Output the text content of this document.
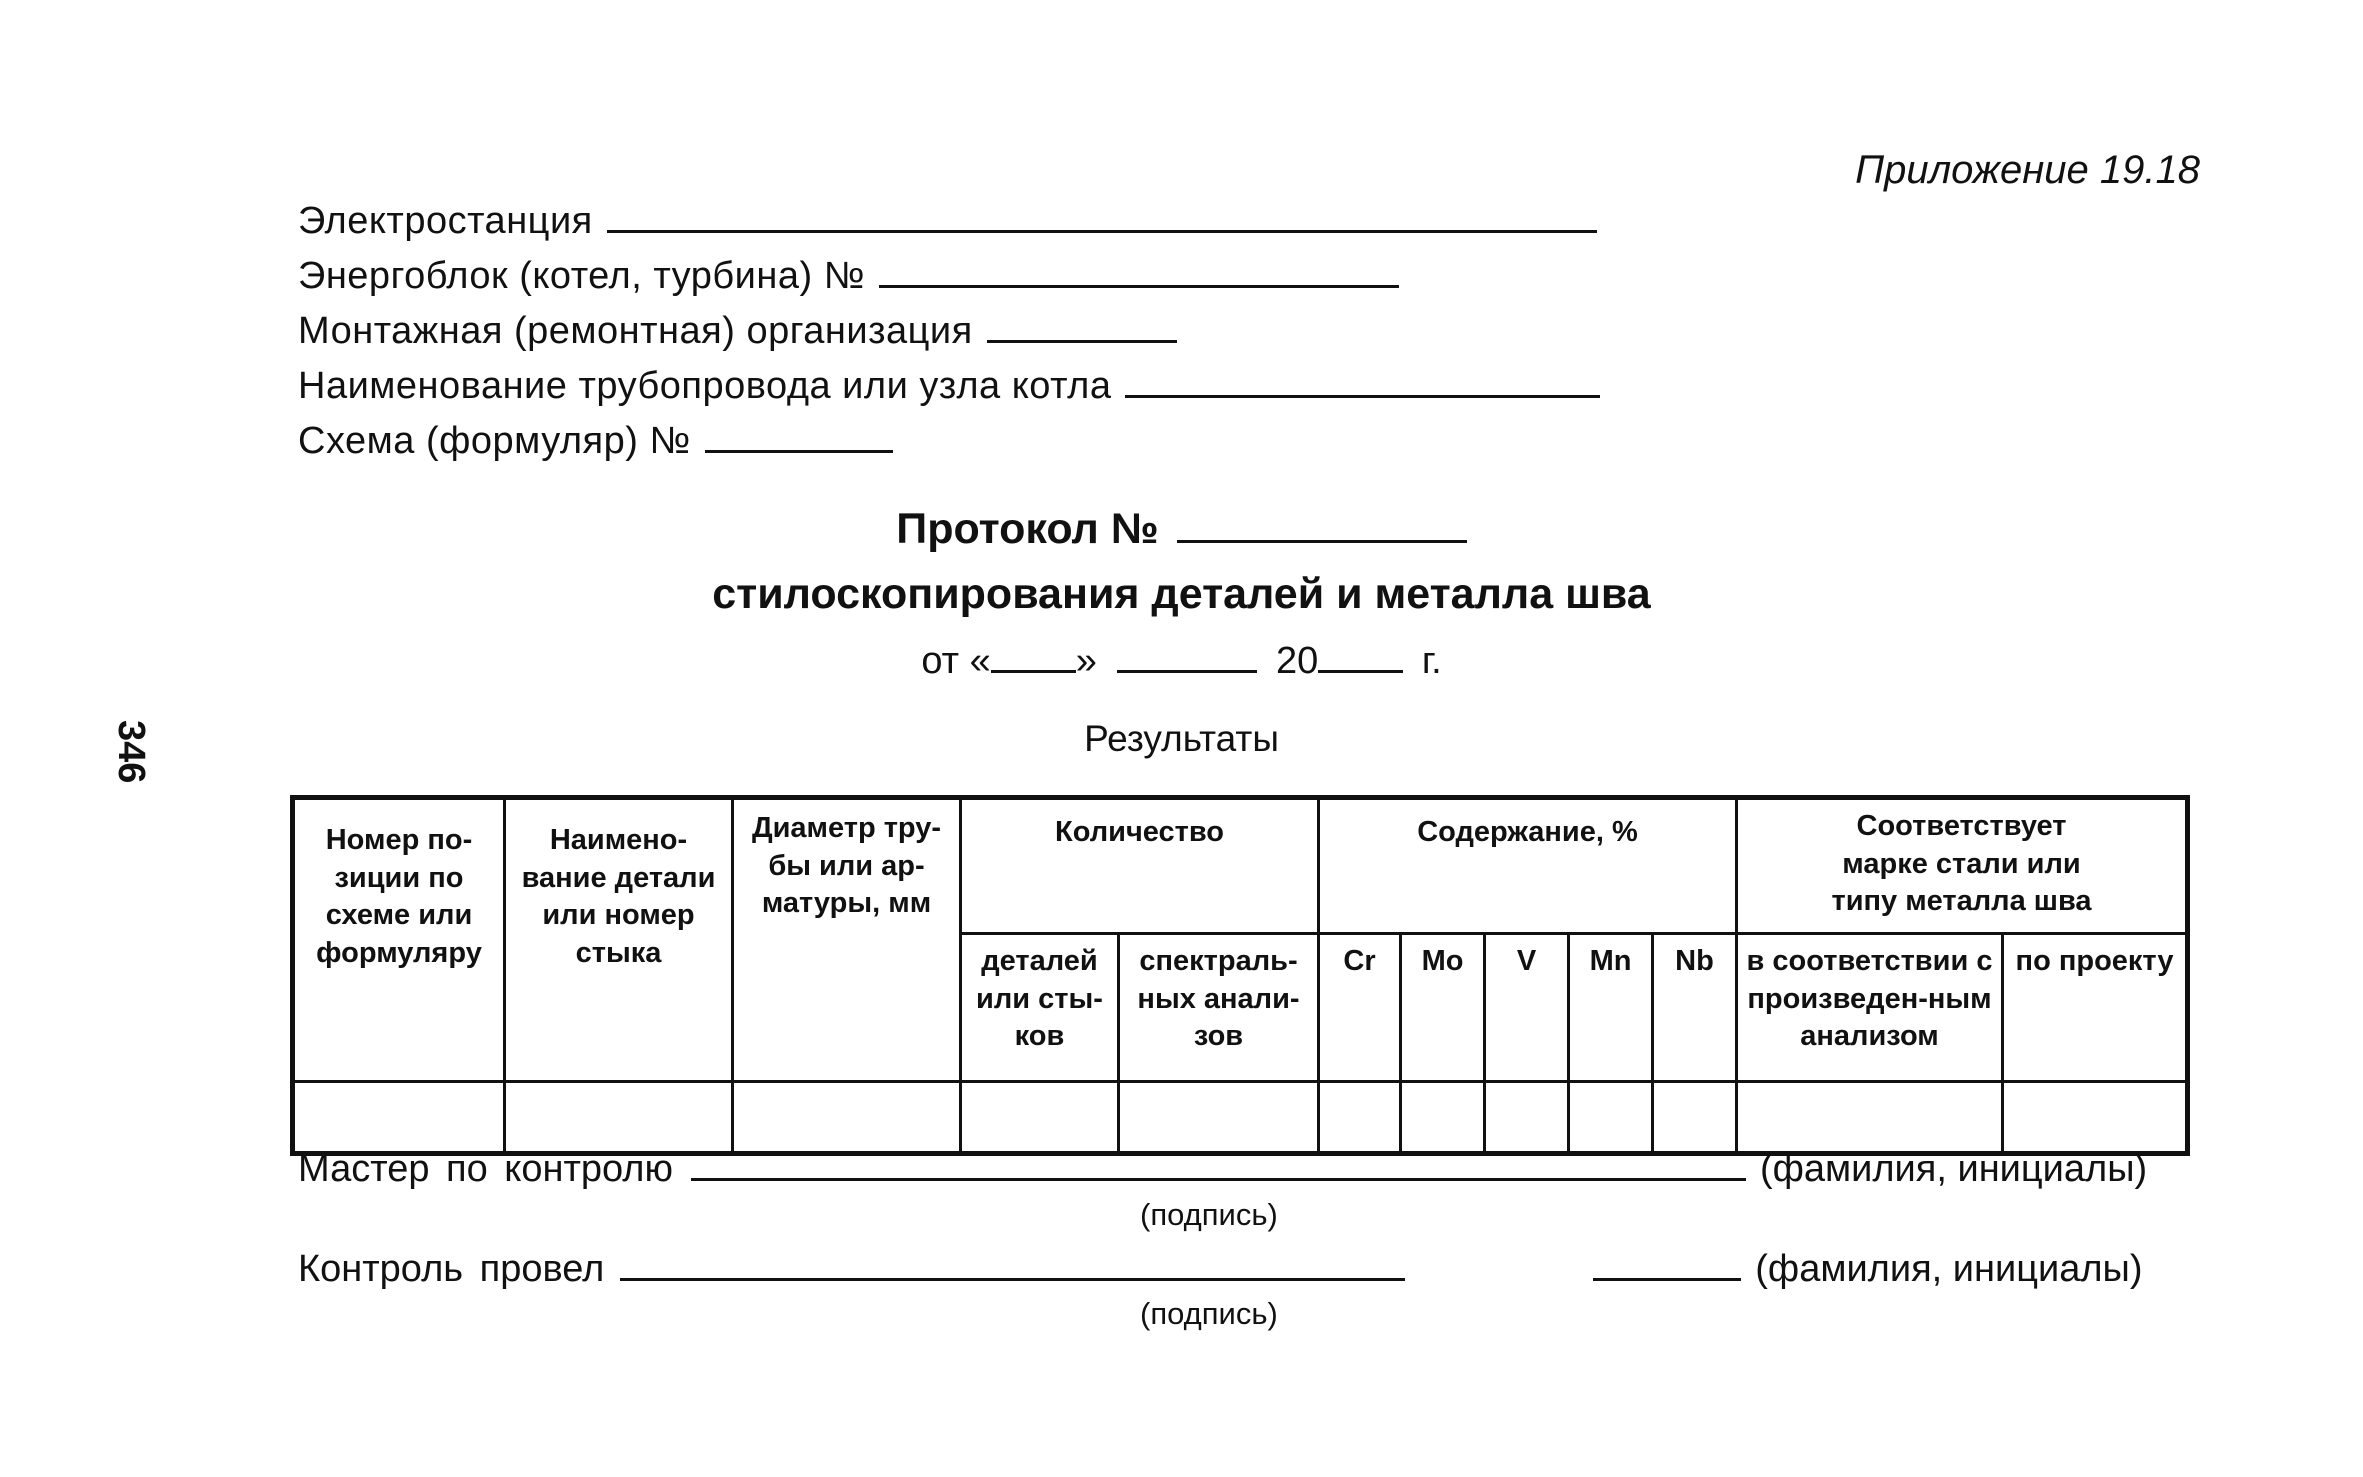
Приложение 19.18
346
Электростанция
Энергоблок (котел, турбина) №
Монтажная (ремонтная) организация
Наименование трубопровода или узла котла
Схема (формуляр) №
Протокол №
стилоскопирования деталей и металла шва
от « »	20	г.
Результаты
Номер по-зиции по схеме или формуляру	Наимено-вание детали или номер стыка	Диаметр тру-бы или ар-матуры, мм	Количество		Содержание, %					Соответствует марке стали или типу металла шва	
			деталей или сты-ков	спектраль-ных анали-зов	Cr	Mo	V	Mn	Nb	в соответствии с произведен-ным анализом	по проекту

Мастер по контролю	(фамилия, инициалы)
(подпись)
Контроль провел	(фамилия, инициалы)
(подпись)
